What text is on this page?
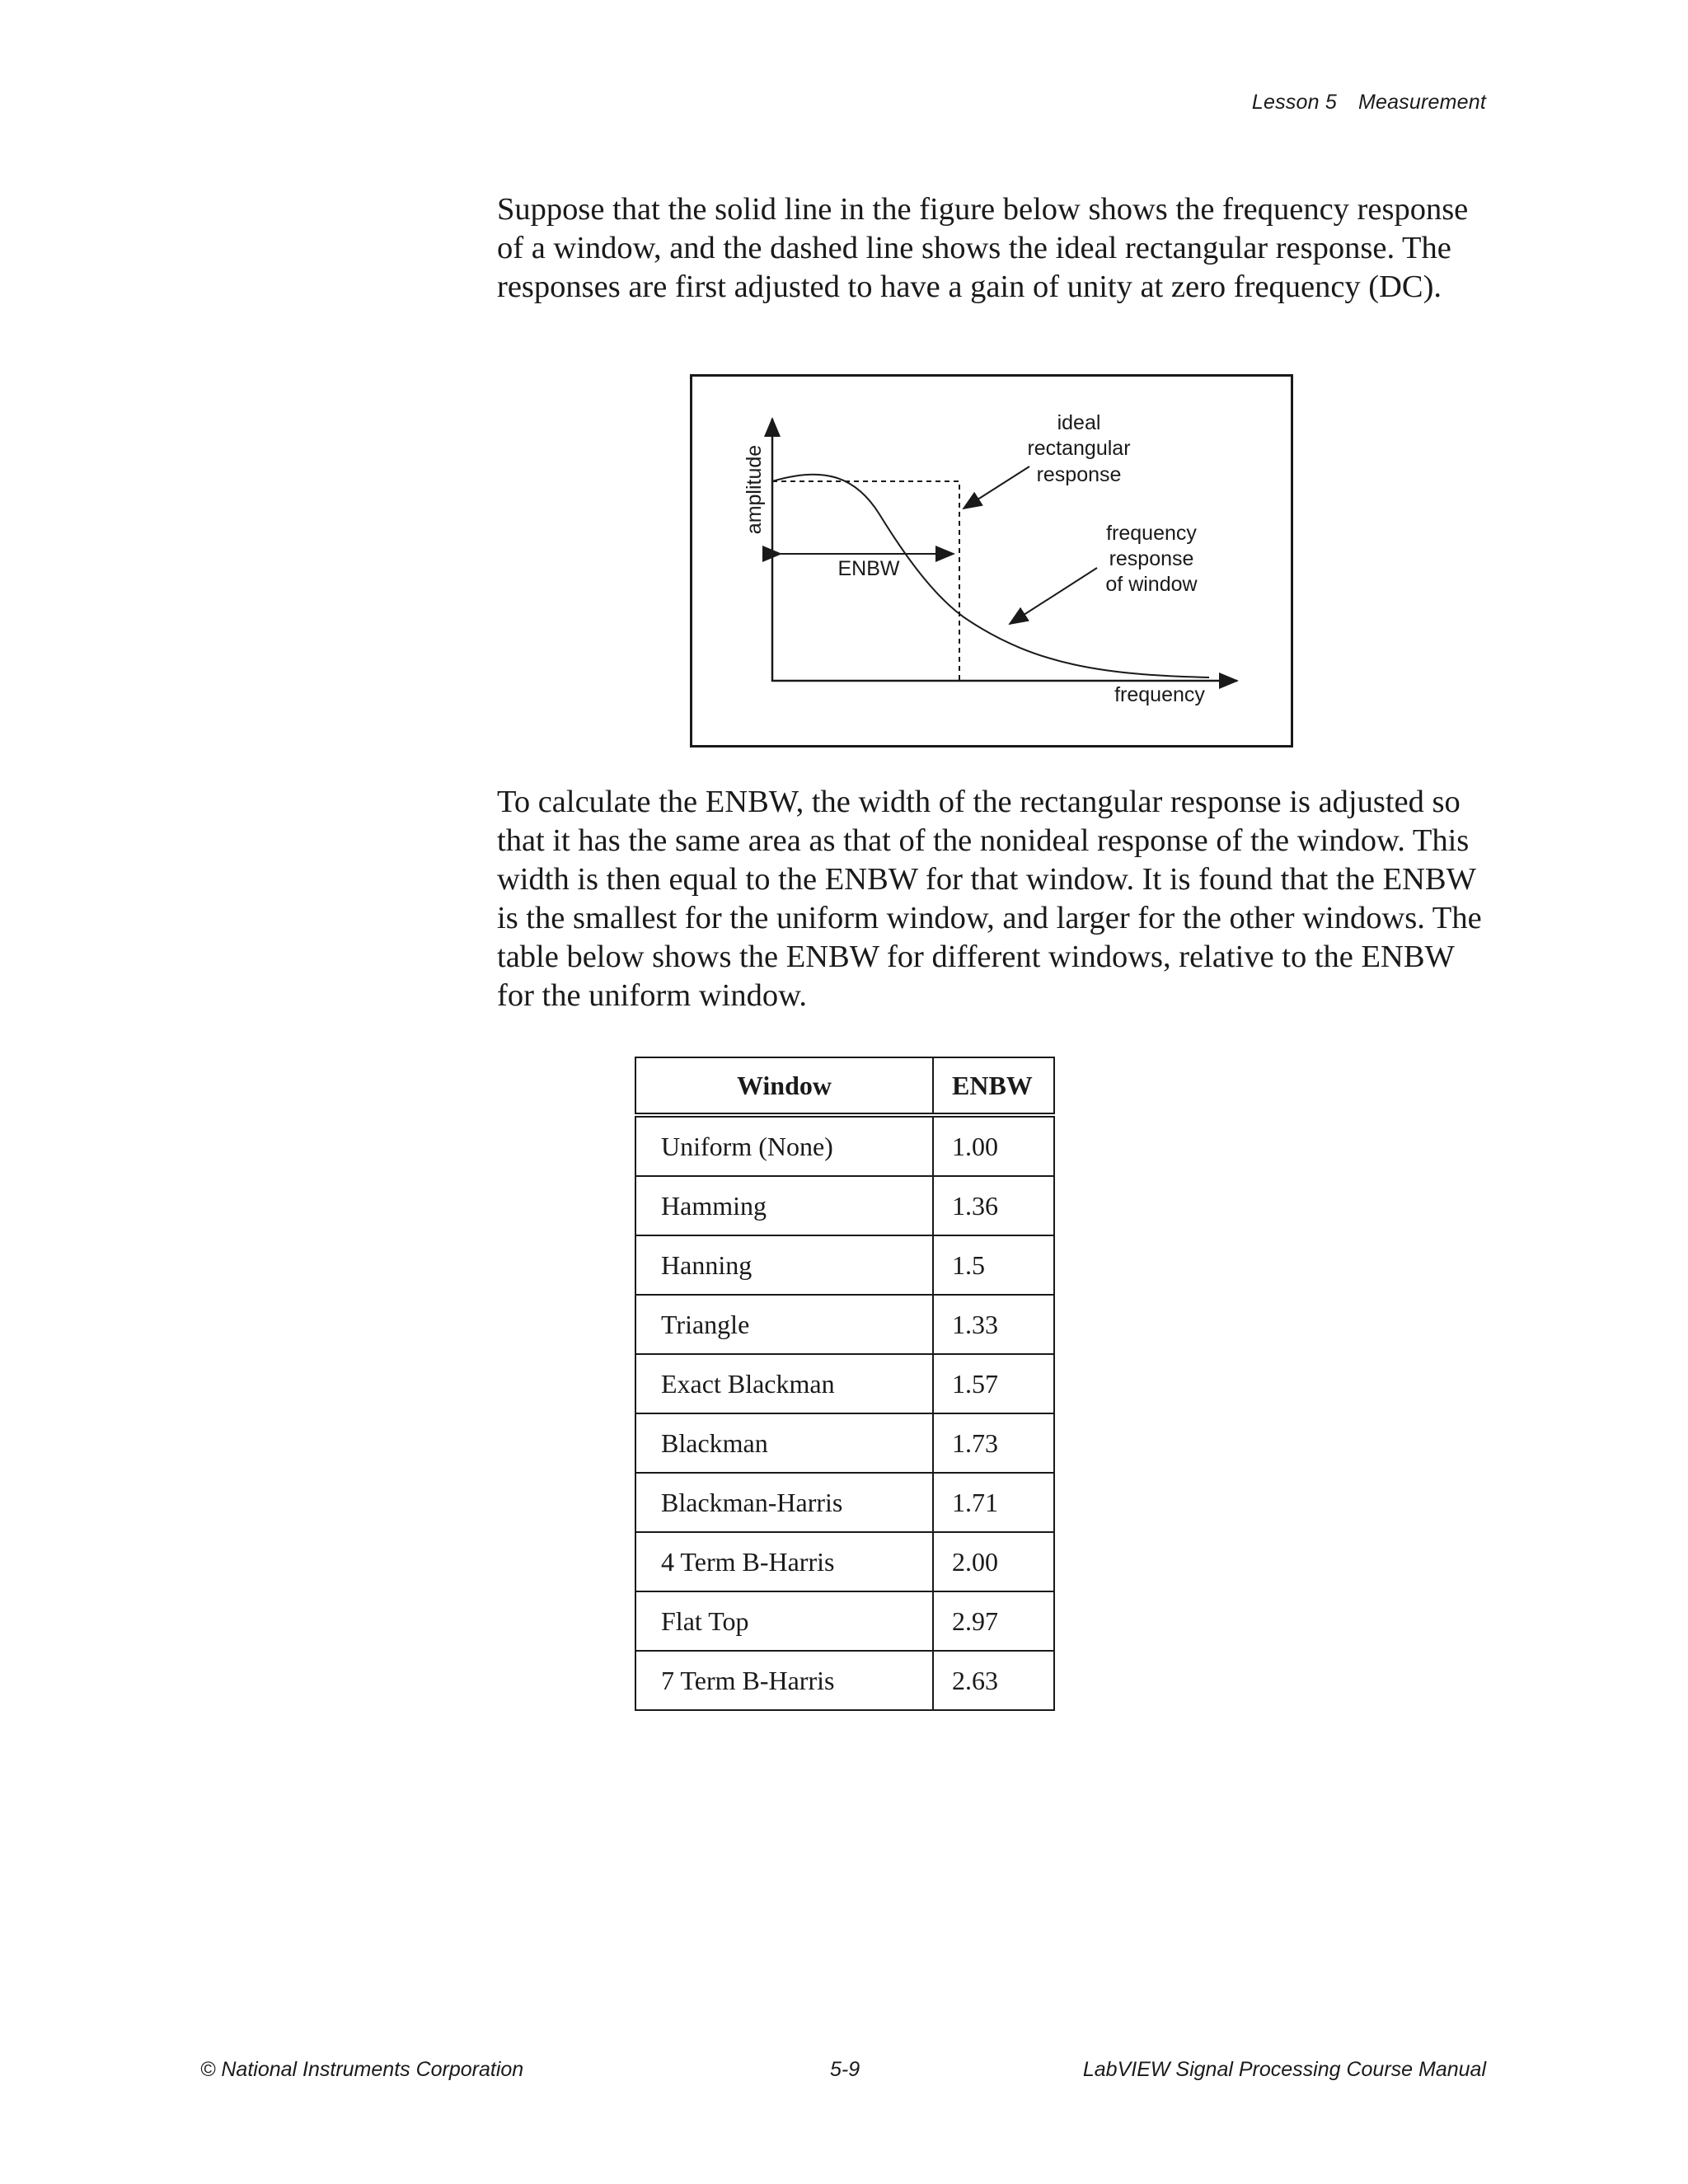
Lesson 5 Measurement

Suppose that the solid line in the figure below shows the frequency response of a window, and the dashed line shows the ideal rectangular response. The responses are first adjusted to have a gain of unity at zero frequency (DC).

amplitude
frequency
ENBW
ideal
rectangular
response
frequency
response
of window

To calculate the ENBW, the width of the rectangular response is adjusted so that it has the same area as that of the nonideal response of the window. This width is then equal to the ENBW for that window. It is found that the ENBW is the smallest for the uniform window, and larger for the other windows. The table below shows the ENBW for different windows, relative to the ENBW for the uniform window.

Window	ENBW
Uniform (None)	1.00
Hamming	1.36
Hanning	1.5
Triangle	1.33
Exact Blackman	1.57
Blackman	1.73
Blackman-Harris	1.71
4 Term B-Harris	2.00
Flat Top	2.97
7 Term B-Harris	2.63
© National Instruments Corporation	5-9	LabVIEW Signal Processing Course Manual
